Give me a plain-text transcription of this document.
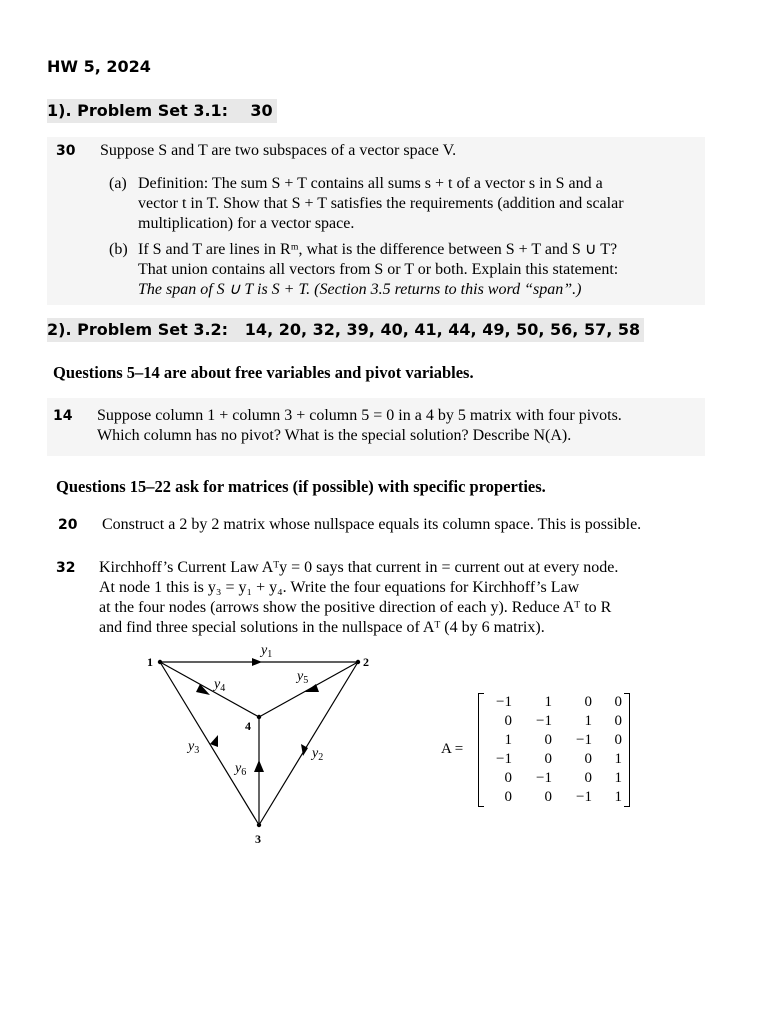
HW 5, 2024
1). Problem Set 3.1: 30
30 Suppose S and T are two subspaces of a vector space V.
(a) Definition: The sum S + T contains all sums s + t of a vector s in S and a
vector t in T. Show that S + T satisfies the requirements (addition and scalar
multiplication) for a vector space.
(b) If S and T are lines in Rᵐ, what is the difference between S + T and S ∪ T?
That union contains all vectors from S or T or both. Explain this statement:
The span of S ∪ T is S + T. (Section 3.5 returns to this word “span”.)
2). Problem Set 3.2: 14, 20, 32, 39, 40, 41, 44, 49, 50, 56, 57, 58
Questions 5–14 are about free variables and pivot variables.
14 Suppose column 1 + column 3 + column 5 = 0 in a 4 by 5 matrix with four pivots.
Which column has no pivot? What is the special solution? Describe N(A).
Questions 15–22 ask for matrices (if possible) with specific properties.
20 Construct a 2 by 2 matrix whose nullspace equals its column space. This is possible.
32 Kirchhoff’s Current Law Aᵀy = 0 says that current in = current out at every node.
At node 1 this is y₃ = y₁ + y₄. Write the four equations for Kirchhoff’s Law
at the four nodes (arrows show the positive direction of each y). Reduce Aᵀ to R
and find three special solutions in the nullspace of Aᵀ (4 by 6 matrix).
1	2
3
4
$y_1$
$y_4$
$y_5$
$y_3$	$y_2$
$y_6$
A =
−1	1	0	0
0	−1	1	0
1	0	−1	0
−1	0	0	1
0	−1	0	1
0	0	−1	1
